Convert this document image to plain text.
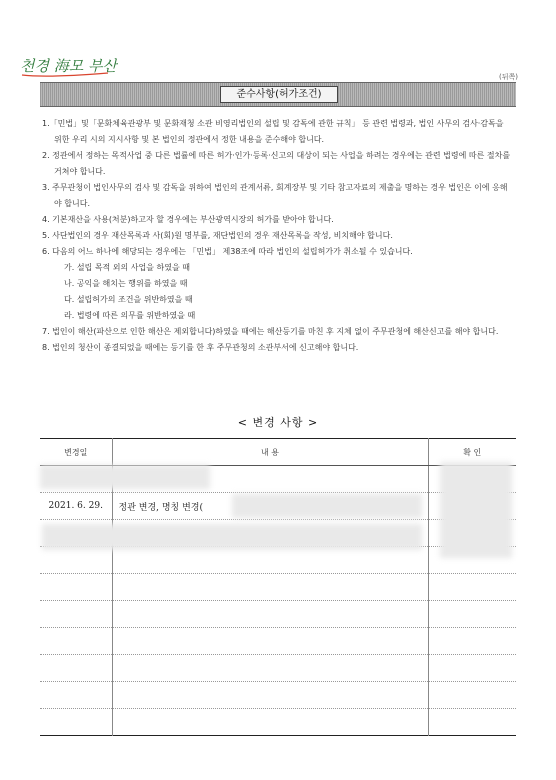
천경 海모 부산
(뒤쪽)
준수사항(허가조건)
1.「민법」및「문화체육관광부 및 문화재청 소관 비영리법인의 설립 및 감독에 관한 규칙」 등 관련 법령과, 법인 사무의 검사·감독을 위한 우리 시의 지시사항 및 본 법인의 정관에서 정한 내용을 준수해야 합니다.
2. 정관에서 정하는 목적사업 중 다른 법률에 따른 허가·인가·등록·신고의 대상이 되는 사업을 하려는 경우에는 관련 법령에 따른 절차를 거쳐야 합니다.
3. 주무관청이 법인사무의 검사 및 감독을 위하여 법인의 관계서류, 회계장부 및 기타 참고자료의 제출을 명하는 경우 법인은 이에 응해야 합니다.
4. 기본재산을 사용(처분)하고자 할 경우에는 부산광역시장의 허가를 받아야 합니다.
5. 사단법인의 경우 재산목록과 사(회)원 명부를, 재단법인의 경우 재산목록을 작성, 비치해야 합니다.
6. 다음의 어느 하나에 해당되는 경우에는 「민법」 제38조에 따라 법인의 설립허가가 취소될 수 있습니다.
가. 설립 목적 외의 사업을 하였을 때
나. 공익을 해치는 행위를 하였을 때
다. 설립허가의 조건을 위반하였을 때
라. 법령에 따른 의무를 위반하였을 때
7. 법인이 해산(파산으로 인한 해산은 제외합니다)하였을 때에는 해산등기를 마친 후 지체 없이 주무관청에 해산신고를 해야 합니다.
8. 법인의 청산이 종결되었을 때에는 등기를 한 후 주무관청의 소관부서에 신고해야 합니다.
< 변경 사항 >
변경일	내 용	확 인

2021. 6. 29.	정관 변경, 명칭 변경(	
